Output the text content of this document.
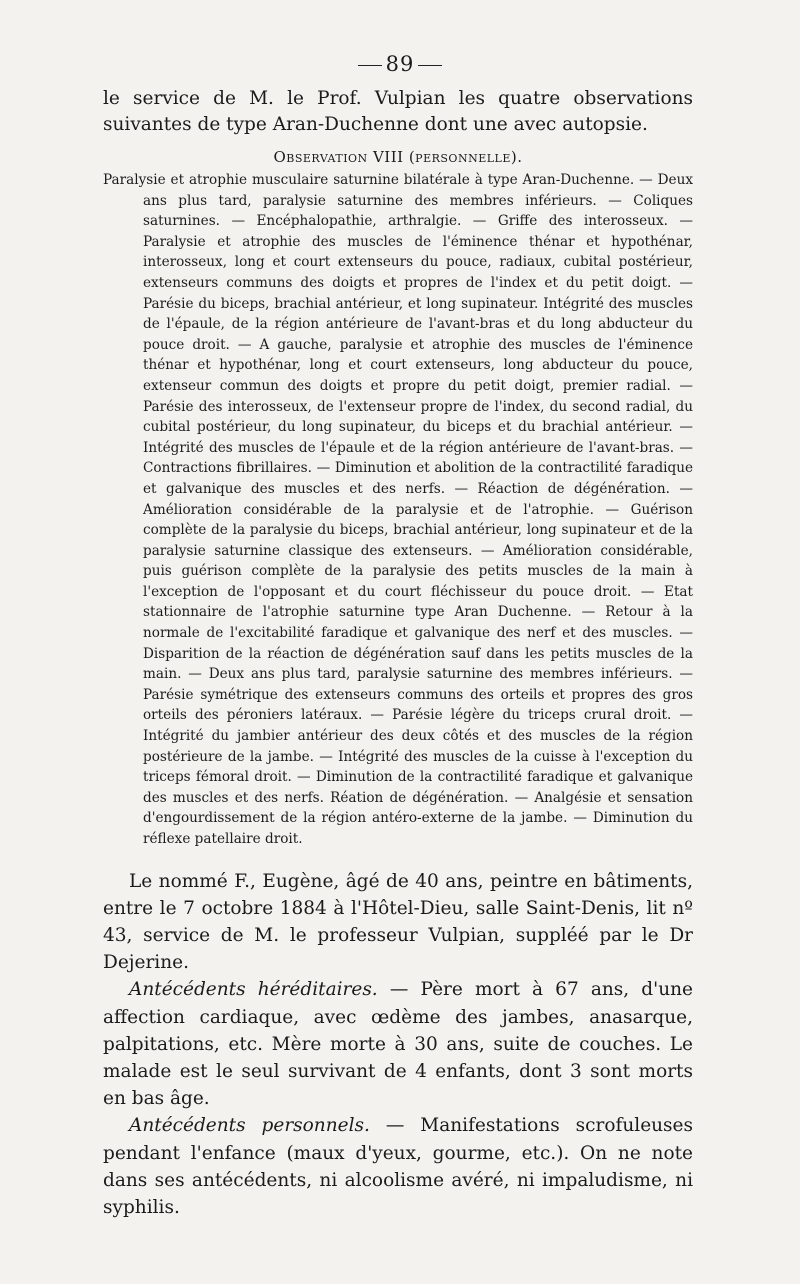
89

le service de M. le Prof. Vulpian les quatre observations suivantes de type Aran-Duchenne dont une avec autopsie.

Observation VIII (personnelle).

Paralysie et atrophie musculaire saturnine bilatérale à type Aran-Duchenne. — Deux ans plus tard, paralysie saturnine des membres inférieurs. — Coliques saturnines. — Encéphalopathie, arthralgie. — Griffe des interosseux. — Paralysie et atrophie des muscles de l'éminence thénar et hypothénar, interosseux, long et court extenseurs du pouce, radiaux, cubital postérieur, extenseurs communs des doigts et propres de l'index et du petit doigt. — Parésie du biceps, brachial antérieur, et long supinateur. Intégrité des muscles de l'épaule, de la région antérieure de l'avant-bras et du long abducteur du pouce droit. — A gauche, paralysie et atrophie des muscles de l'éminence thénar et hypothénar, long et court extenseurs, long abducteur du pouce, extenseur commun des doigts et propre du petit doigt, premier radial. — Parésie des interosseux, de l'extenseur propre de l'index, du second radial, du cubital postérieur, du long supinateur, du biceps et du brachial antérieur. — Intégrité des muscles de l'épaule et de la région antérieure de l'avant-bras. — Contractions fibrillaires. — Diminution et abolition de la contractilité faradique et galvanique des muscles et des nerfs. — Réaction de dégénération. — Amélioration considérable de la paralysie et de l'atrophie. — Guérison complète de la paralysie du biceps, brachial antérieur, long supinateur et de la paralysie saturnine classique des extenseurs. — Amélioration considérable, puis guérison complète de la paralysie des petits muscles de la main à l'exception de l'opposant et du court fléchisseur du pouce droit. — Etat stationnaire de l'atrophie saturnine type Aran Duchenne. — Retour à la normale de l'excitabilité faradique et galvanique des nerf et des muscles. — Disparition de la réaction de dégénération sauf dans les petits muscles de la main. — Deux ans plus tard, paralysie saturnine des membres inférieurs. — Parésie symétrique des extenseurs communs des orteils et propres des gros orteils des péroniers latéraux. — Parésie légère du triceps crural droit. — Intégrité du jambier antérieur des deux côtés et des muscles de la région postérieure de la jambe. — Intégrité des muscles de la cuisse à l'exception du triceps fémoral droit. — Diminution de la contractilité faradique et galvanique des muscles et des nerfs. Réation de dégénération. — Analgésie et sensation d'engourdissement de la région antéro-externe de la jambe. — Diminution du réflexe patellaire droit.

Le nommé F., Eugène, âgé de 40 ans, peintre en bâtiments, entre le 7 octobre 1884 à l'Hôtel-Dieu, salle Saint-Denis, lit nº 43, service de M. le professeur Vulpian, suppléé par le Dr Dejerine.

Antécédents héréditaires. — Père mort à 67 ans, d'une affection cardiaque, avec œdème des jambes, anasarque, palpitations, etc. Mère morte à 30 ans, suite de couches. Le malade est le seul survivant de 4 enfants, dont 3 sont morts en bas âge.

Antécédents personnels. — Manifestations scrofuleuses pendant l'enfance (maux d'yeux, gourme, etc.). On ne note dans ses antécédents, ni alcoolisme avéré, ni impaludisme, ni syphilis.
